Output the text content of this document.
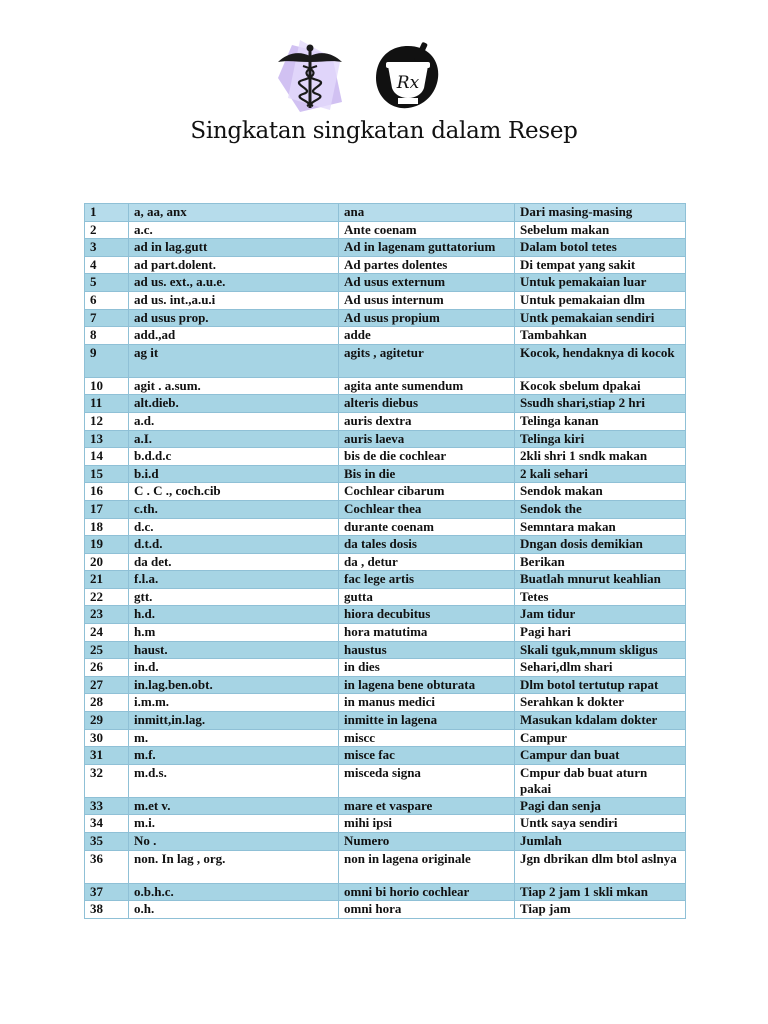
Rx
Singkatan singkatan dalam Resep
1	a, aa, anx	ana	Dari masing-masing
2	a.c.	Ante coenam	Sebelum makan
3	ad in lag.gutt	Ad in lagenam guttatorium	Dalam botol tetes
4	ad part.dolent.	Ad partes dolentes	Di tempat yang sakit
5	ad us. ext., a.u.e.	Ad usus externum	Untuk pemakaian luar
6	ad us. int.,a.u.i	Ad usus internum	Untuk pemakaian dlm
7	ad usus prop.	Ad usus propium	Untk pemakaian sendiri
8	add.,ad	adde	Tambahkan
9	ag it	agits , agitetur	Kocok, hendaknya di kocok
10	agit . a.sum.	agita ante sumendum	Kocok sbelum dpakai
11	alt.dieb.	alteris diebus	Ssudh shari,stiap 2 hri
12	a.d.	auris dextra	Telinga kanan
13	a.I.	auris laeva	Telinga kiri
14	b.d.d.c	bis de die cochlear	2kli shri 1 sndk makan
15	b.i.d	Bis in die	2 kali sehari
16	C . C ., coch.cib	Cochlear cibarum	Sendok makan
17	c.th.	Cochlear thea	Sendok the
18	d.c.	durante coenam	Semntara makan
19	d.t.d.	da tales dosis	Dngan dosis demikian
20	da det.	da , detur	Berikan
21	f.l.a.	fac lege artis	Buatlah mnurut keahlian
22	gtt.	gutta	Tetes
23	h.d.	hiora decubitus	Jam tidur
24	h.m	hora matutima	Pagi hari
25	haust.	haustus	Skali tguk,mnum skligus
26	in.d.	in dies	Sehari,dlm shari
27	in.lag.ben.obt.	in lagena bene obturata	Dlm botol tertutup rapat
28	i.m.m.	in manus medici	Serahkan k dokter
29	inmitt,in.lag.	inmitte in lagena	Masukan kdalam dokter
30	m.	miscc	Campur
31	m.f.	misce fac	Campur dan buat
32	m.d.s.	misceda signa	Cmpur dab buat aturn pakai
33	m.et v.	mare et vaspare	Pagi dan senja
34	m.i.	mihi ipsi	Untk saya sendiri
35	No .	Numero	Jumlah
36	non. In lag , org.	non in lagena originale	Jgn dbrikan dlm btol aslnya
37	o.b.h.c.	omni bi horio cochlear	Tiap 2 jam 1 skli mkan
38	o.h.	omni hora	Tiap jam
